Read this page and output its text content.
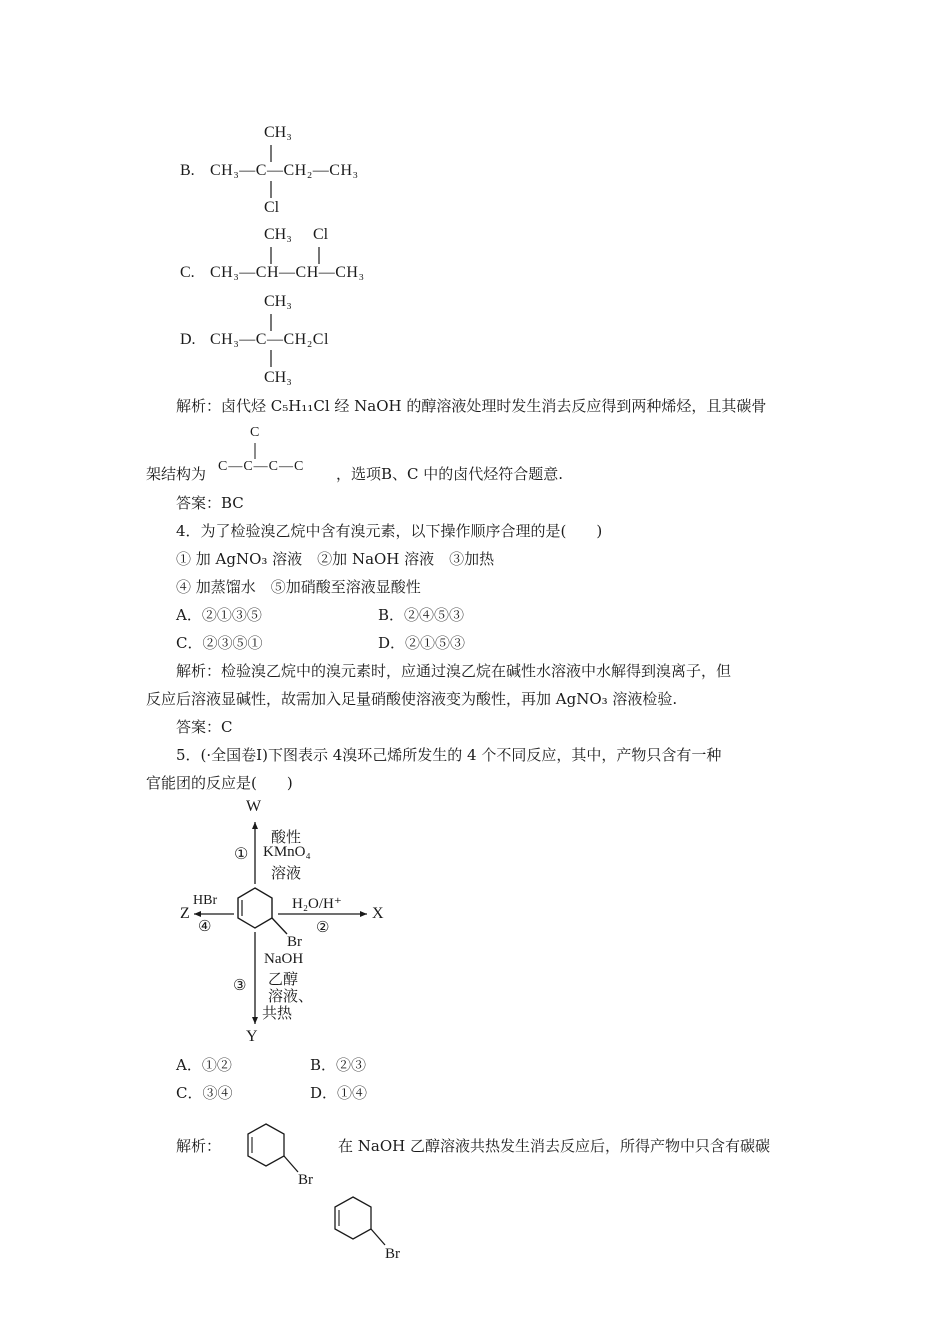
B.
CH₃
CH₃—C—CH₂—CH₃
Cl
C.
CH₃ Cl
CH₃—CH—CH—CH₃
D.
CH₃
CH₃—C—CH₂Cl
CH₃
解析：卤代烃 C₅H₁₁Cl 经 NaOH 的醇溶液处理时发生消去反应得到两种烯烃，且其碳骨
C
架结构为 C—C—C—C ，选项B、C 中的卤代烃符合题意.
答案：BC
4．为了检验溴乙烷中含有溴元素，以下操作顺序合理的是(　　)
① 加 AgNO₃ 溶液　②加 NaOH 溶液　③加热
④ 加蒸馏水　⑤加硝酸至溶液显酸性
A．②①③⑤	B．②④⑤③
C．②③⑤①	D．②①⑤③
解析：检验溴乙烷中的溴元素时，应通过溴乙烷在碱性水溶液中水解得到溴离子，但
反应后溶液显碱性，故需加入足量硝酸使溶液变为酸性，再加 AgNO₃ 溶液检验.
答案：C
5．(·全国卷Ⅰ)下图表示 4溴环己烯所发生的 4 个不同反应，其中，产物只含有一种
官能团的反应是(　　)
W
①
酸性
KMnO₄
溶液
Z
HBr
④
H₂O/H⁺
②
X
Br
NaOH
乙醇
溶液、
共热
③
Y
A．①②	B．②③
C．③④	D．①④
解析：
Br
在 NaOH 乙醇溶液共热发生消去反应后，所得产物中只含有碳碳
Br
